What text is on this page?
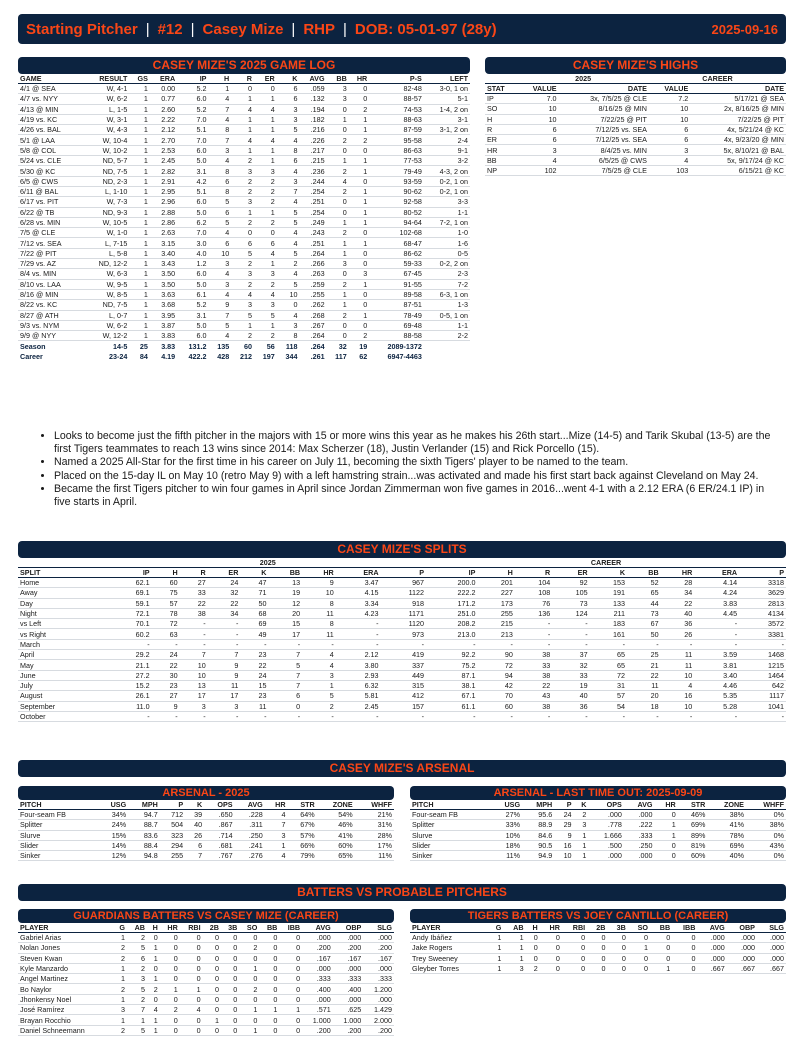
Starting Pitcher | #12 | Casey Mize | RHP | DOB: 05-01-97 (28y)	2025-09-16
CASEY MIZE'S 2025 GAME LOG
GAME	RESULT	GS	ERA	IP	H	R	ER	K	AVG	BB	HR	P-S	LEFT
4/1 @ SEA	W, 4-1	1	0.00	5.2	1	0	0	6	.059	3	0	82-48	3-0, 1 on
4/7 vs. NYY	W, 6-2	1	0.77	6.0	4	1	1	6	.132	3	0	88-57	5-1
4/13 @ MIN	L, 1-5	1	2.60	5.2	7	4	4	3	.194	0	2	74-53	1-4, 2 on
4/19 vs. KC	W, 3-1	1	2.22	7.0	4	1	1	3	.182	1	1	88-63	3-1
4/26 vs. BAL	W, 4-3	1	2.12	5.1	8	1	1	5	.216	0	1	87-59	3-1, 2 on
5/1 @ LAA	W, 10-4	1	2.70	7.0	7	4	4	4	.226	2	2	95-58	2-4
5/8 @ COL	W, 10-2	1	2.53	6.0	3	1	1	8	.217	0	0	86-63	9-1
5/24 vs. CLE	ND, 5-7	1	2.45	5.0	4	2	1	6	.215	1	1	77-53	3-2
5/30 @ KC	ND, 7-5	1	2.82	3.1	8	3	3	4	.236	2	1	79-49	4-3, 2 on
6/5 @ CWS	ND, 2-3	1	2.91	4.2	6	2	2	3	.244	4	0	93-59	0-2, 1 on
6/11 @ BAL	L, 1-10	1	2.95	5.1	8	2	2	7	.254	2	1	90-62	0-2, 1 on
6/17 vs. PIT	W, 7-3	1	2.96	6.0	5	3	2	4	.251	0	1	92-58	3-3
6/22 @ TB	ND, 9-3	1	2.88	5.0	6	1	1	5	.254	0	1	80-52	1-1
6/28 vs. MIN	W, 10-5	1	2.86	6.2	5	2	2	5	.249	1	1	94-64	7-2, 1 on
7/5 @ CLE	W, 1-0	1	2.63	7.0	4	0	0	4	.243	2	0	102-68	1-0
7/12 vs. SEA	L, 7-15	1	3.15	3.0	6	6	6	4	.251	1	1	68-47	1-6
7/22 @ PIT	L, 5-8	1	3.40	4.0	10	5	4	5	.264	1	0	86-62	0-5
7/29 vs. AZ	ND, 12-2	1	3.43	1.2	3	2	1	2	.266	3	0	59-33	0-2, 2 on
8/4 vs. MIN	W, 6-3	1	3.50	6.0	4	3	3	4	.263	0	3	67-45	2-3
8/10 vs. LAA	W, 9-5	1	3.50	5.0	3	2	2	5	.259	2	1	91-55	7-2
8/16 @ MIN	W, 8-5	1	3.63	6.1	4	4	4	10	.255	1	0	89-58	6-3, 1 on
8/22 vs. KC	ND, 7-5	1	3.68	5.2	9	3	3	0	.262	1	0	87-51	1-3
8/27 @ ATH	L, 0-7	1	3.95	3.1	7	5	5	4	.268	2	1	78-49	0-5, 1 on
9/3 vs. NYM	W, 6-2	1	3.87	5.0	5	1	1	3	.267	0	0	69-48	1-1
9/9 @ NYY	W, 12-2	1	3.83	6.0	4	2	2	8	.264	0	2	88-58	2-2
Season	14-5	25	3.83	131.2	135	60	56	118	.264	32	19	2089-1372	
Career	23-24	84	4.19	422.2	428	212	197	344	.261	117	62	6947-4463	
CASEY MIZE'S HIGHS
	2025		CAREER	
STAT	VALUE	DATE	VALUE	DATE
IP	7.0	3x, 7/5/25 @ CLE	7.2	5/17/21 @ SEA
SO	10	8/16/25 @ MIN	10	2x, 8/16/25 @ MIN
H	10	7/22/25 @ PIT	10	7/22/25 @ PIT
R	6	7/12/25 vs. SEA	6	4x, 5/21/24 @ KC
ER	6	7/12/25 vs. SEA	6	4x, 9/23/20 @ MIN
HR	3	8/4/25 vs. MIN	3	5x, 8/10/21 @ BAL
BB	4	6/5/25 @ CWS	4	5x, 9/17/24 @ KC
NP	102	7/5/25 @ CLE	103	6/15/21 @ KC
• Looks to become just the fifth pitcher in the majors with 15 or more wins this year as he makes his 26th start...Mize (14-5) and Tarik Skubal (13-5) are the first Tigers teammates to reach 13 wins since 2014: Max Scherzer (18), Justin Verlander (15) and Rick Porcello (15).
• Named a 2025 All-Star for the first time in his career on July 11, becoming the sixth Tigers' player to be named to the team.
• Placed on the 15-day IL on May 10 (retro May 9) with a left hamstring strain...was activated and made his first start back against Cleveland on May 24.
• Became the first Tigers pitcher to win four games in April since Jordan Zimmerman won five games in 2016...went 4-1 with a 2.12 ERA (6 ER/24.1 IP) in five starts in April.
CASEY MIZE'S SPLITS
	2025									CAREER								
SPLIT	IP	H	R	ER	K	BB	HR	ERA	P	IP	H	R	ER	K	BB	HR	ERA	P
Home	62.1	60	27	24	47	13	9	3.47	967	200.0	201	104	92	153	52	28	4.14	3318
Away	69.1	75	33	32	71	19	10	4.15	1122	222.2	227	108	105	191	65	34	4.24	3629
Day	59.1	57	22	22	50	12	8	3.34	918	171.2	173	76	73	133	44	22	3.83	2813
Night	72.1	78	38	34	68	20	11	4.23	1171	251.0	255	136	124	211	73	40	4.45	4134
vs Left	70.1	72	-	-	69	15	8	-	1120	208.2	215	-	-	183	67	36	-	3572
vs Right	60.2	63	-	-	49	17	11	-	973	213.0	213	-	-	161	50	26	-	3381
March	-	-	-	-	-	-	-	-	-	-	-	-	-	-	-	-	-	-
April	29.2	24	7	7	23	7	4	2.12	419	92.2	90	38	37	65	25	11	3.59	1468
May	21.1	22	10	9	22	5	4	3.80	337	75.2	72	33	32	65	21	11	3.81	1215
June	27.2	30	10	9	24	7	3	2.93	449	87.1	94	38	33	72	22	10	3.40	1464
July	15.2	23	13	11	15	7	1	6.32	315	38.1	42	22	19	31	11	4	4.46	642
August	26.1	27	17	17	23	6	5	5.81	412	67.1	70	43	40	57	20	16	5.35	1117
September	11.0	9	3	3	11	0	2	2.45	157	61.1	60	38	36	54	18	10	5.28	1041
October	-	-	-	-	-	-	-	-	-	-	-	-	-	-	-	-	-	-
CASEY MIZE'S ARSENAL
ARSENAL - 2025
PITCH	USG	MPH	P	K	OPS	AVG	HR	STR	ZONE	WHFF
Four-seam FB	34%	94.7	712	39	.650	.228	4	64%	54%	21%
Splitter	24%	88.7	504	40	.867	.311	7	67%	46%	31%
Slurve	15%	83.6	323	26	.714	.250	3	57%	41%	28%
Slider	14%	88.4	294	6	.681	.241	1	66%	60%	17%
Sinker	12%	94.8	255	7	.767	.276	4	79%	65%	11%
ARSENAL - LAST TIME OUT: 2025-09-09
PITCH	USG	MPH	P	K	OPS	AVG	HR	STR	ZONE	WHFF
Four-seam FB	27%	95.6	24	2	.000	.000	0	46%	38%	0%
Splitter	33%	88.9	29	3	.778	.222	1	69%	41%	38%
Slurve	10%	84.6	9	1	1.666	.333	1	89%	78%	0%
Slider	18%	90.5	16	1	.500	.250	0	81%	69%	43%
Sinker	11%	94.9	10	1	.000	.000	0	60%	40%	0%
BATTERS VS PROBABLE PITCHERS
GUARDIANS BATTERS VS CASEY MIZE (CAREER)
PLAYER	G	AB	H	HR	RBI	2B	3B	SO	BB	IBB	AVG	OBP	SLG
Gabriel Arias	1	2	0	0	0	0	0	0	0	0	.000	.000	.000
Nolan Jones	2	5	1	0	0	0	0	2	0	0	.200	.200	.200
Steven Kwan	2	6	1	0	0	0	0	0	0	0	.167	.167	.167
Kyle Manzardo	1	2	0	0	0	0	0	1	0	0	.000	.000	.000
Angel Martinez	1	3	1	0	0	0	0	0	0	0	.333	.333	.333
Bo Naylor	2	5	2	1	1	0	0	2	0	0	.400	.400	1.200
Jhonkensy Noel	1	2	0	0	0	0	0	0	0	0	.000	.000	.000
José Ramírez	3	7	4	2	4	0	0	1	1	1	.571	.625	1.429
Brayan Rocchio	1	1	1	0	0	1	0	0	0	0	1.000	1.000	2.000
Daniel Schneemann	2	5	1	0	0	0	0	1	0	0	.200	.200	.200
TIGERS BATTERS VS JOEY CANTILLO (CAREER)
PLAYER	G	AB	H	HR	RBI	2B	3B	SO	BB	IBB	AVG	OBP	SLG
Andy Ibáñez	1	1	0	0	0	0	0	0	0	0	.000	.000	.000
Jake Rogers	1	1	0	0	0	0	0	1	0	0	.000	.000	.000
Trey Sweeney	1	1	0	0	0	0	0	0	0	0	.000	.000	.000
Gleyber Torres	1	3	2	0	0	0	0	0	1	0	.667	.667	.667
